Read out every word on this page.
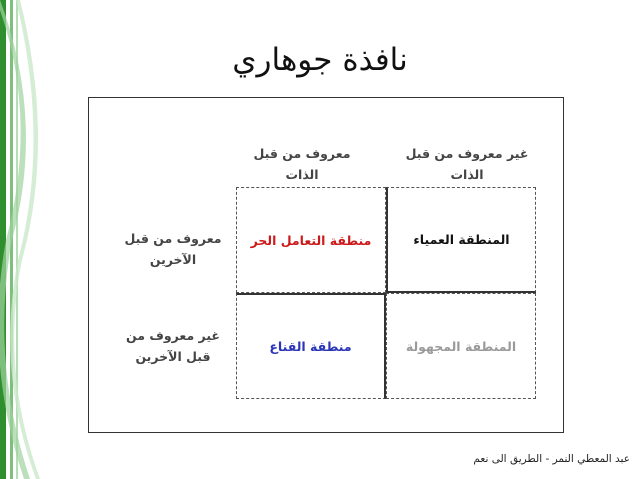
نافذة جوهاري
معروف من قبل
الذات
غير معروف من قبل
الذات
معروف من قبل
الآخرين
غير معروف من
قبل الآخرين
منطقة التعامل الحر	المنطقة العمياء
منطقة القناع	المنطقة المجهولة
عبد المعطي النمر - الطريق الى نعم
